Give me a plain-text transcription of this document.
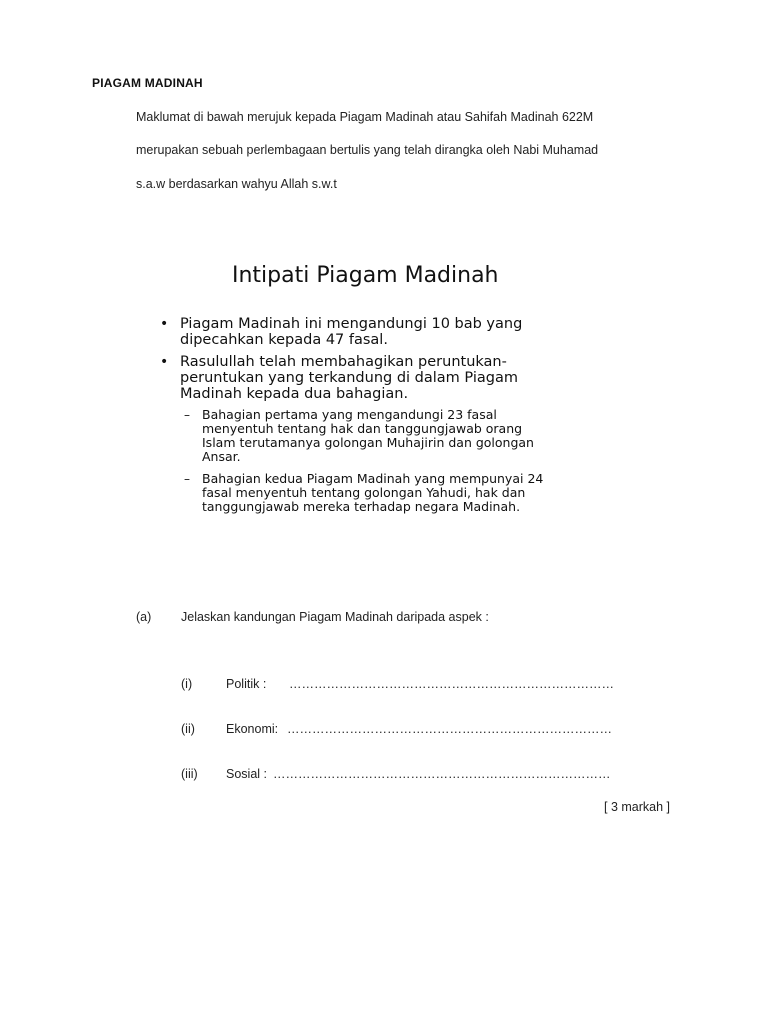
PIAGAM MADINAH
Maklumat di bawah merujuk kepada Piagam Madinah atau Sahifah Madinah 622M
merupakan sebuah perlembagaan bertulis yang telah dirangka oleh Nabi Muhamad
s.a.w berdasarkan wahyu Allah s.w.t
Intipati Piagam Madinah
• Piagam Madinah ini mengandungi 10 bab yang
dipecahkan kepada 47 fasal.
• Rasulullah telah membahagikan peruntukan-
peruntukan yang terkandung di dalam Piagam
Madinah kepada dua bahagian.
– Bahagian pertama yang mengandungi 23 fasal
menyentuh tentang hak dan tanggungjawab orang
Islam terutamanya golongan Muhajirin dan golongan
Ansar.
– Bahagian kedua Piagam Madinah yang mempunyai 24
fasal menyentuh tentang golongan Yahudi, hak dan
tanggungjawab mereka terhadap negara Madinah.
(a) Jelaskan kandungan Piagam Madinah daripada aspek :
(i)	Politik : ……………………………………………………………………
(ii) Ekonomi: ……………………………………………………………………
(iii) Sosial : ………………………………………………………………………
[ 3 markah ]
